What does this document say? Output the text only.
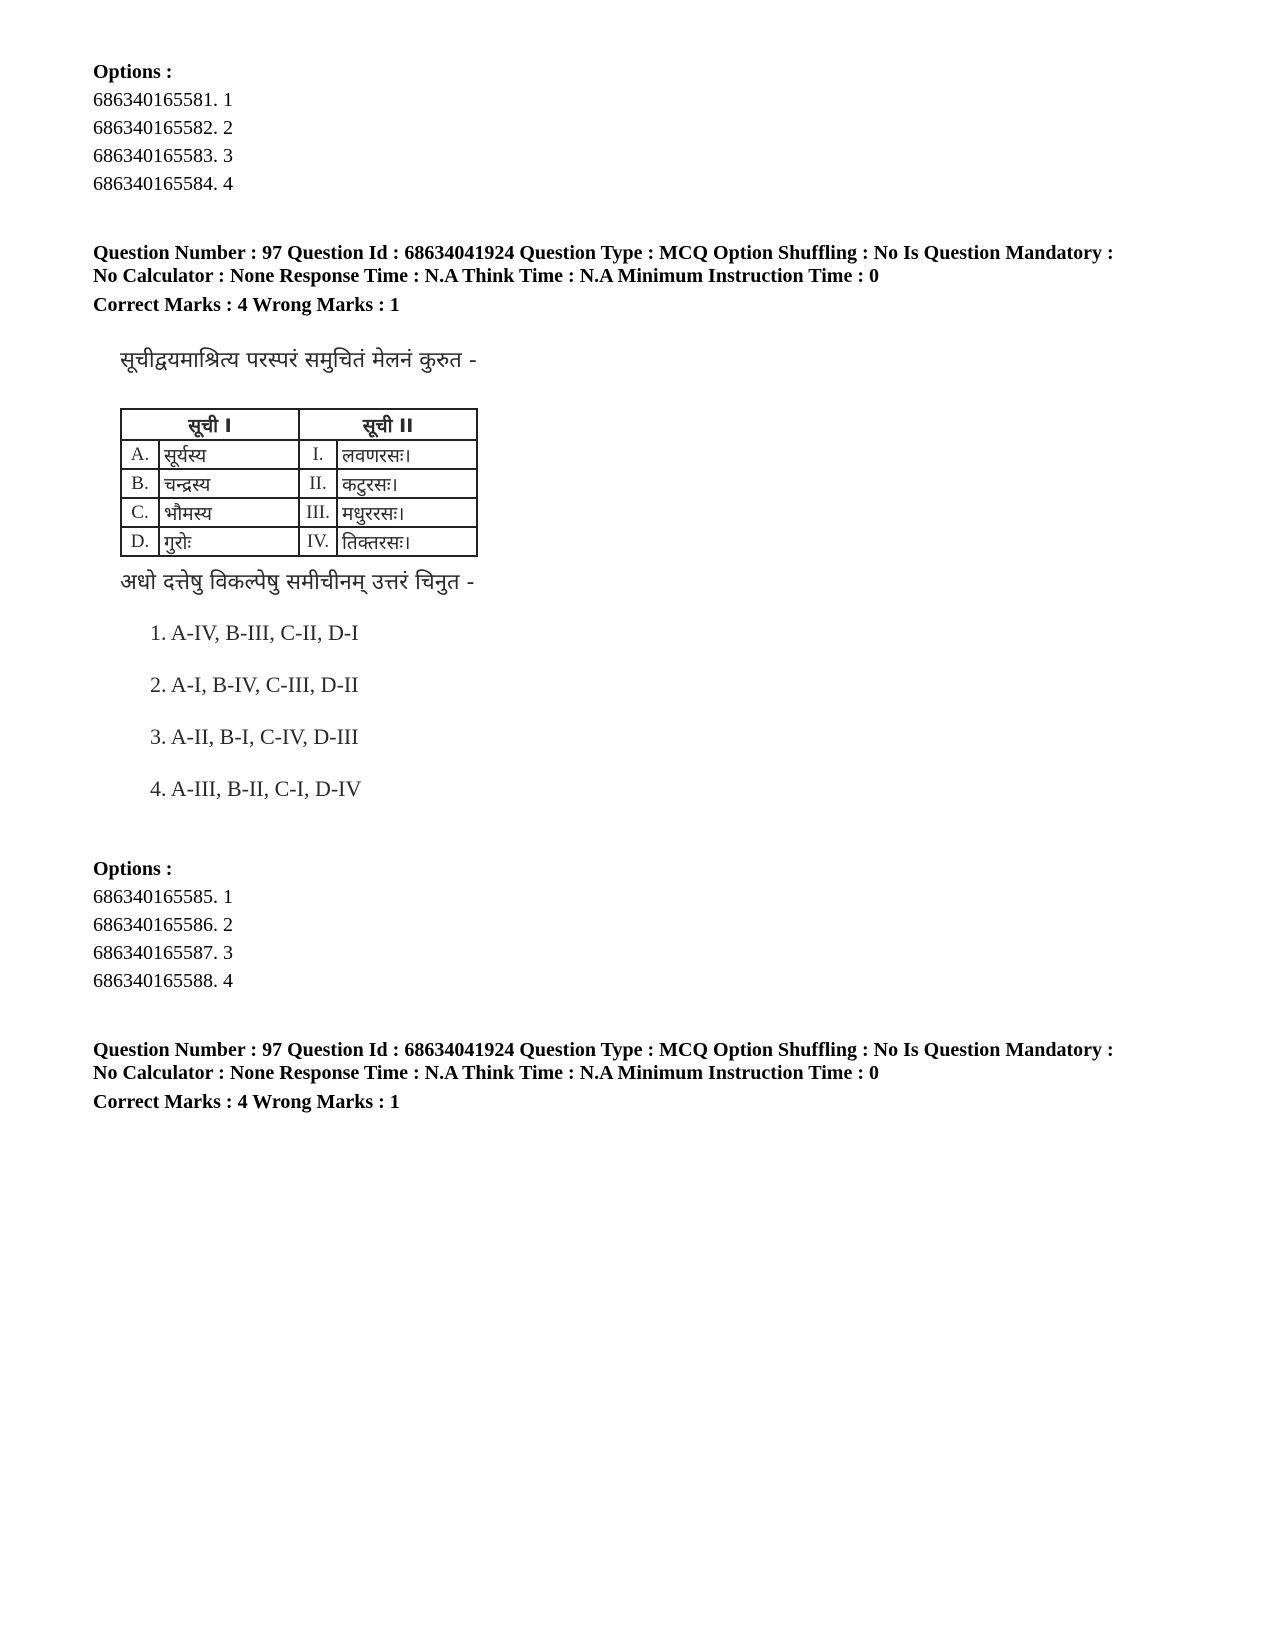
Options :
686340165581. 1
686340165582. 2
686340165583. 3
686340165584. 4
Question Number : 97 Question Id : 68634041924 Question Type : MCQ Option Shuffling : No Is Question Mandatory :
No Calculator : None Response Time : N.A Think Time : N.A Minimum Instruction Time : 0
Correct Marks : 4 Wrong Marks : 1
सूचीद्वयमाश्रित्य परस्परं समुचितं मेलनं कुरुत -
सूची I		सूची II	
A.	सूर्यस्य	I.	लवणरसः।
B.	चन्द्रस्य	II.	कटुरसः।
C.	भौमस्य	III.	मधुररसः।
D.	गुरोः	IV.	तिक्तरसः।
अधो दत्तेषु विकल्पेषु समीचीनम् उत्तरं चिनुत -
1. A-IV, B-III, C-II, D-I
2. A-I, B-IV, C-III, D-II
3. A-II, B-I, C-IV, D-III
4. A-III, B-II, C-I, D-IV
Options :
686340165585. 1
686340165586. 2
686340165587. 3
686340165588. 4
Question Number : 97 Question Id : 68634041924 Question Type : MCQ Option Shuffling : No Is Question Mandatory :
No Calculator : None Response Time : N.A Think Time : N.A Minimum Instruction Time : 0
Correct Marks : 4 Wrong Marks : 1
